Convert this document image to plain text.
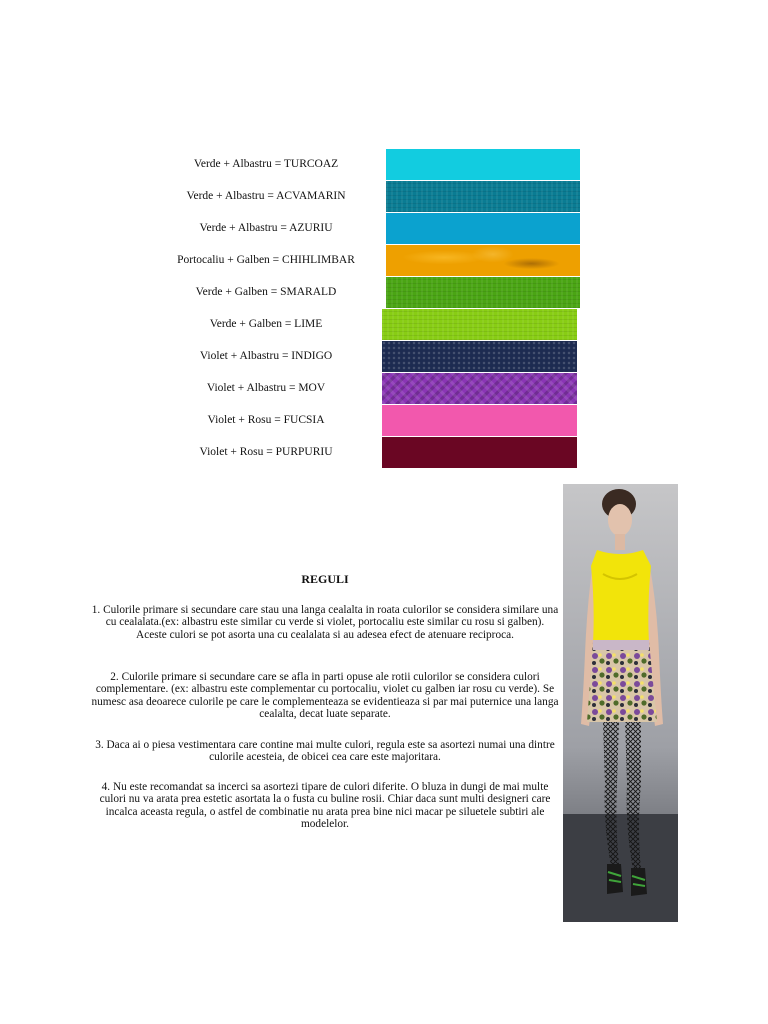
Verde + Albastru = TURCOAZ
Verde + Albastru = ACVAMARIN
Verde + Albastru = AZURIU
Portocaliu + Galben = CHIHLIMBAR
Verde + Galben = SMARALD
Verde + Galben = LIME
Violet + Albastru = INDIGO
Violet + Albastru = MOV
Violet + Rosu = FUCSIA
Violet + Rosu = PURPURIU
REGULI

1. Culorile primare si secundare care stau una langa cealalta in roata culorilor se considera similare una cu cealalata.(ex: albastru este similar cu verde si violet, portocaliu este similar cu rosu si galben). Aceste culori se pot asorta una cu cealalata si au adesea efect de atenuare reciproca.

2. Culorile primare si secundare care se afla in parti opuse ale rotii culorilor se considera culori complementare. (ex: albastru este complementar cu portocaliu, violet cu galben iar rosu cu verde). Se numesc asa deoarece culorile pe care le complementeaza se evidentieaza si par mai puternice una langa cealalta, decat luate separate.

3. Daca ai o piesa vestimentara care contine mai multe culori, regula este sa asortezi numai una dintre culorile acesteia, de obicei cea care este majoritara.

4. Nu este recomandat sa incerci sa asortezi tipare de culori diferite. O bluza in dungi de mai multe culori nu va arata prea estetic asortata la o fusta cu buline rosii. Chiar daca sunt multi designeri care incalca aceasta regula, o astfel de combinatie nu arata prea bine nici macar pe siluetele subtiri ale modelelor.
